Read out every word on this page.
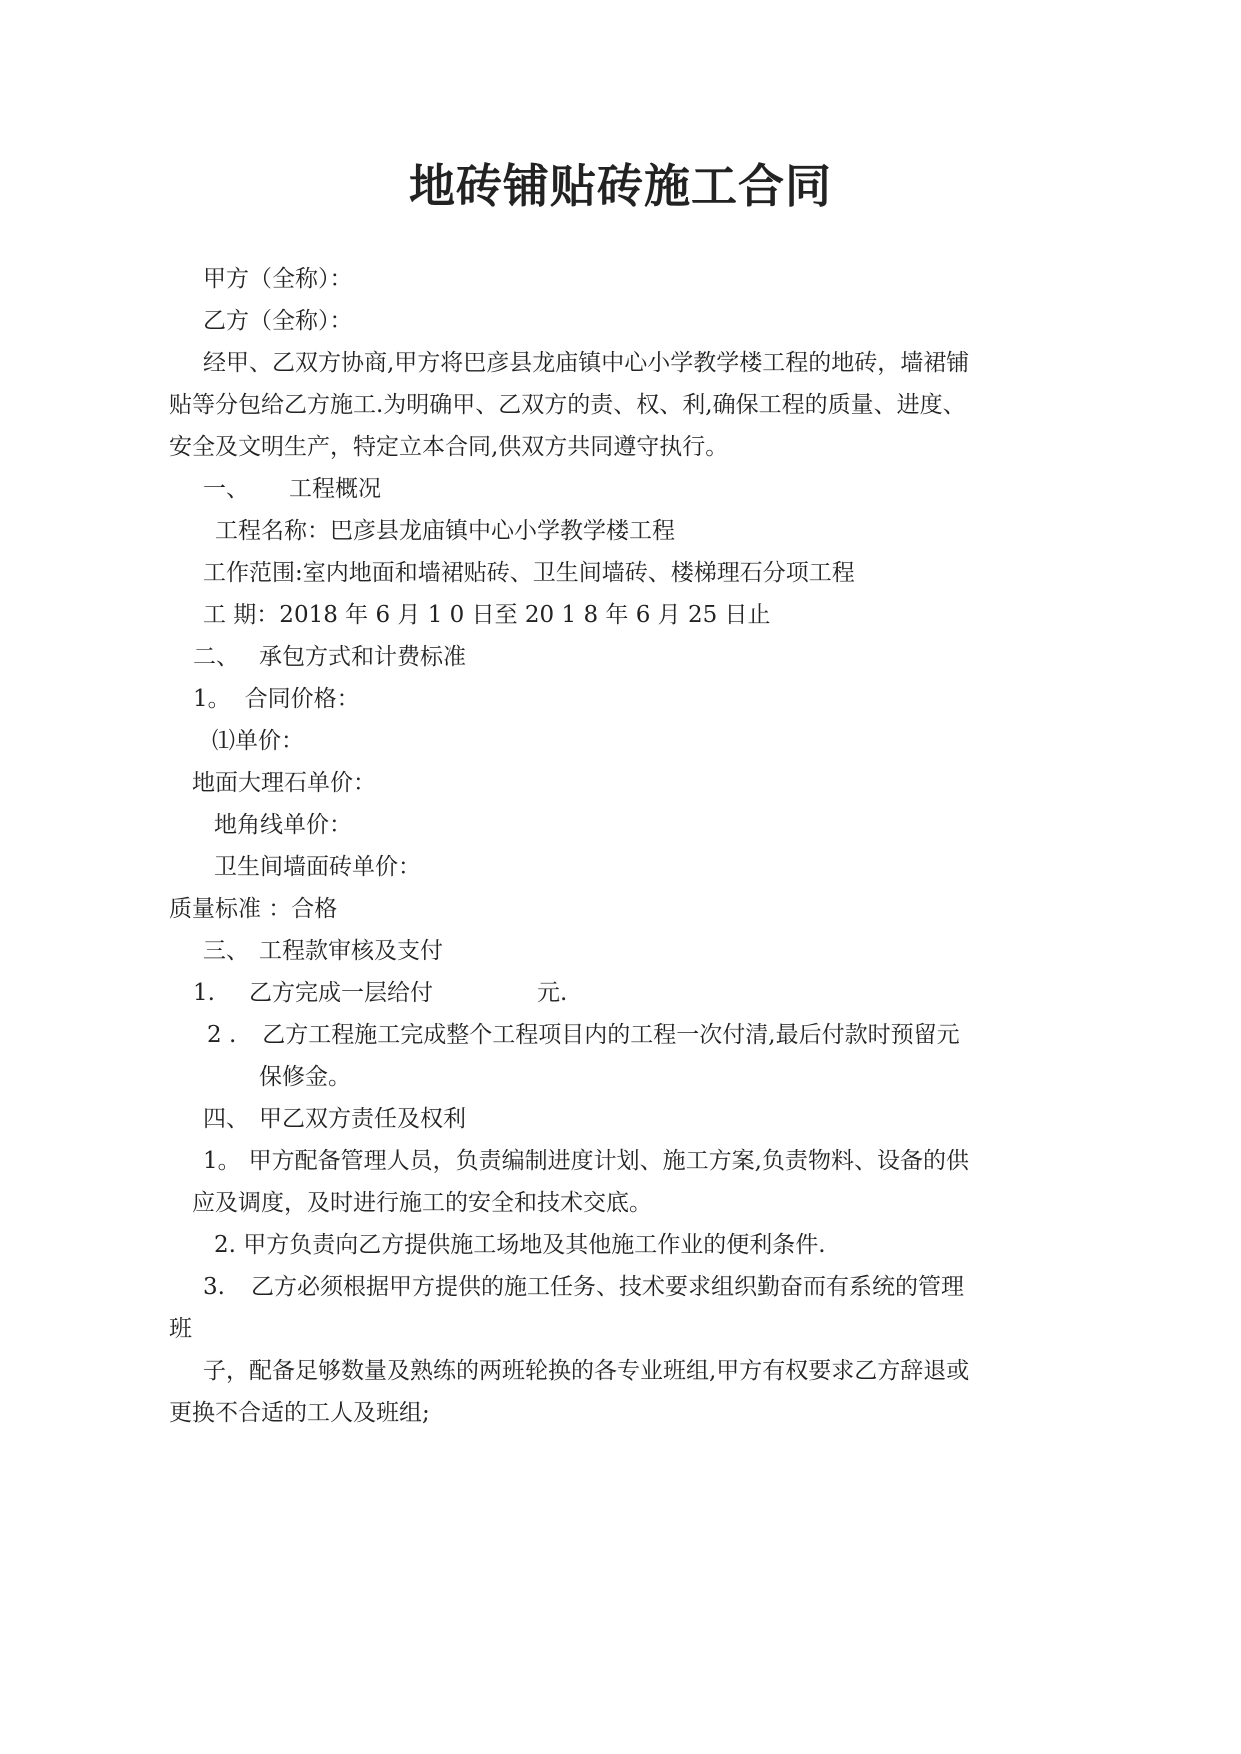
地砖铺贴砖施工合同
甲方（全称）：
乙方（全称）：
经甲、乙双方协商,甲方将巴彦县龙庙镇中心小学教学楼工程的地砖，墙裙铺
贴等分包给乙方施工.为明确甲、乙双方的责、权、利,确保工程的质量、进度、
安全及文明生产，特定立本合同,供双方共同遵守执行。
一、 工程概况
工程名称：巴彦县龙庙镇中心小学教学楼工程
工作范围:室内地面和墙裙贴砖、卫生间墙砖、楼梯理石分项工程
工 期：2018 年 6 月 1 0 日至 20 1 8 年 6 月 25 日止
二、 承包方式和计费标准
1。 合同价格：
⑴单价：
地面大理石单价：
地角线单价：
卫生间墙面砖单价：
质量标准 ：合格
三、 工程款审核及支付
1. 乙方完成一层给付	元.
2 . 乙方工程施工完成整个工程项目内的工程一次付清,最后付款时预留元
保修金。
四、 甲乙双方责任及权利
1。 甲方配备管理人员，负责编制进度计划、施工方案,负责物料、设备的供
应及调度，及时进行施工的安全和技术交底。
2. 甲方负责向乙方提供施工场地及其他施工作业的便利条件.
3. 乙方必须根据甲方提供的施工任务、技术要求组织勤奋而有系统的管理
班
子，配备足够数量及熟练的两班轮换的各专业班组,甲方有权要求乙方辞退或
更换不合适的工人及班组;
